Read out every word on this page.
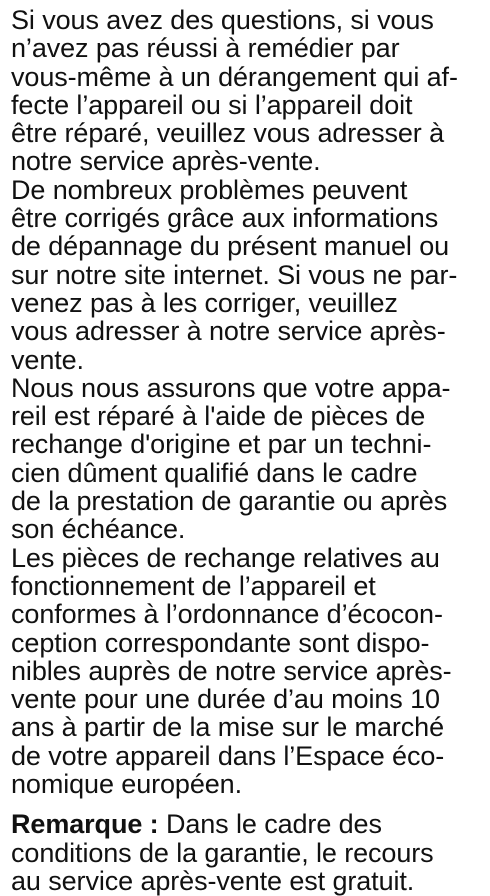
Si vous avez des questions, si vous
n’avez pas réussi à remédier par
vous-même à un dérangement qui af-
fecte l’appareil ou si l’appareil doit
être réparé, veuillez vous adresser à
notre service après-vente.
De nombreux problèmes peuvent
être corrigés grâce aux informations
de dépannage du présent manuel ou
sur notre site internet. Si vous ne par-
venez pas à les corriger, veuillez
vous adresser à notre service après-
vente.
Nous nous assurons que votre appa-
reil est réparé à l'aide de pièces de
rechange d'origine et par un techni-
cien dûment qualifié dans le cadre
de la prestation de garantie ou après
son échéance.
Les pièces de rechange relatives au
fonctionnement de l’appareil et
conformes à l’ordonnance d’écocon-
ception correspondante sont dispo-
nibles auprès de notre service après-
vente pour une durée d’au moins 10
ans à partir de la mise sur le marché
de votre appareil dans l’Espace éco-
nomique européen.
Remarque : Dans le cadre des
conditions de la garantie, le recours
au service après-vente est gratuit.
